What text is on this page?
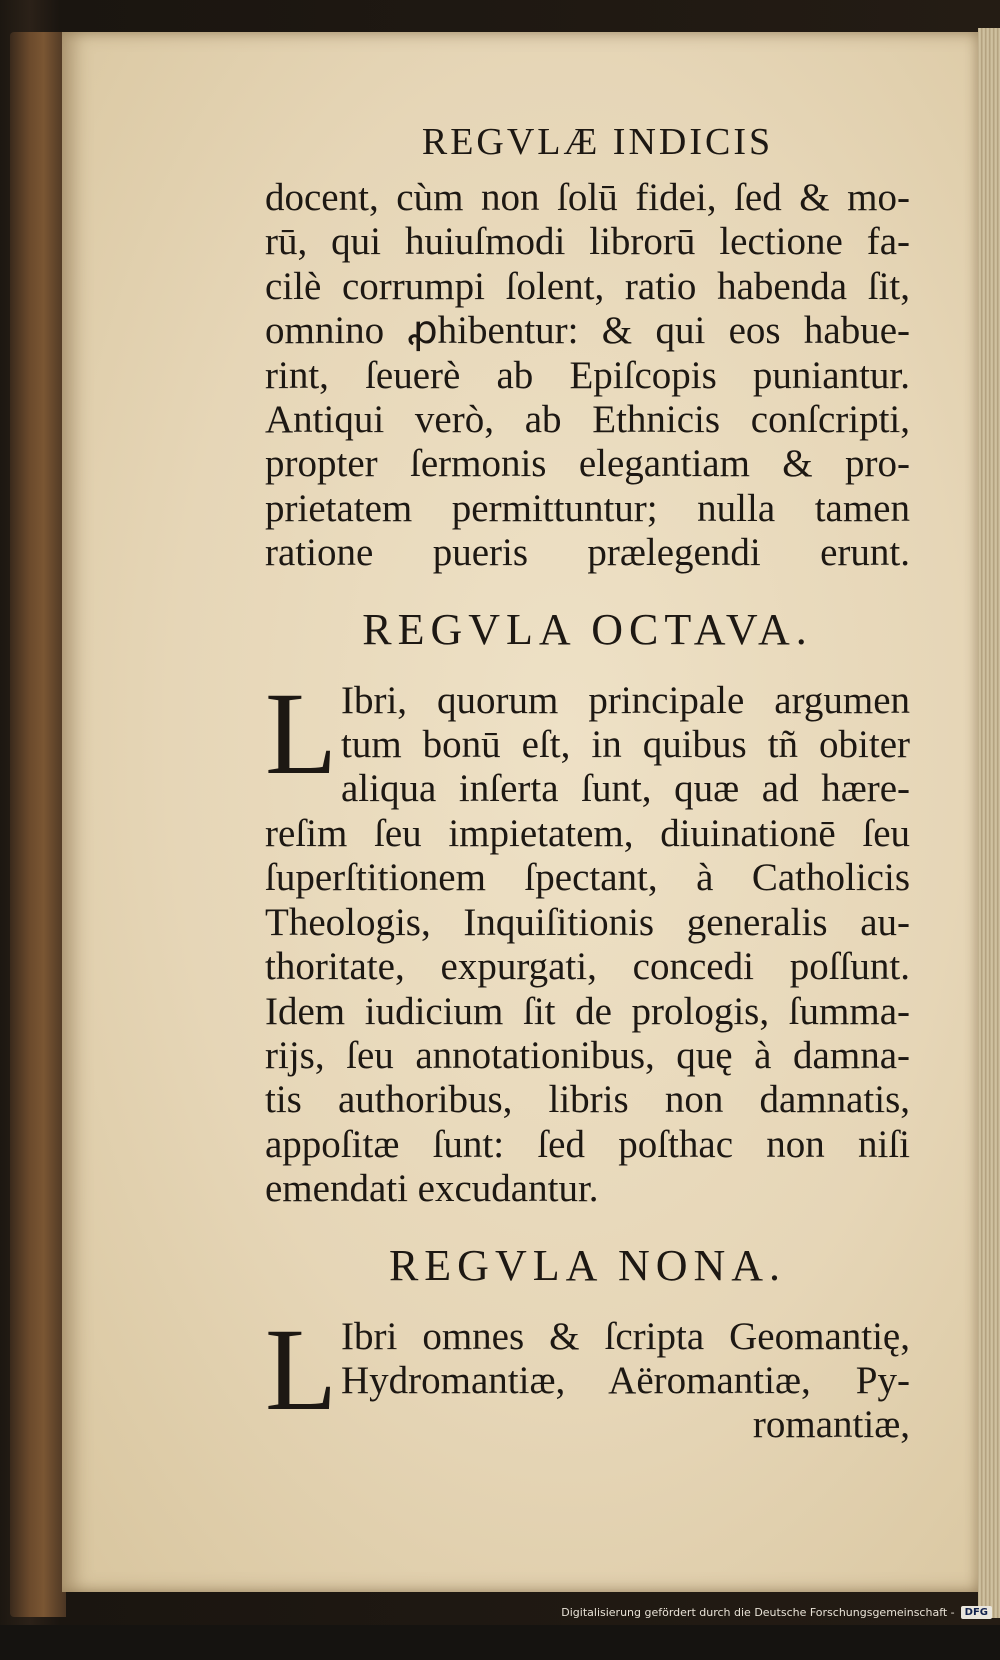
REGVLÆ INDICIS

docent, cùm non ſolū fidei, ſed & mo-

rū, qui huiuſmodi librorū lectione fa-

cilè corrumpi ſolent, ratio habenda ſit,

omnino ꝓhibentur: & qui eos habue-

rint, ſeuerè ab Epiſcopis puniantur.

Antiqui verò, ab Ethnicis conſcripti,

propter ſermonis elegantiam & pro-

prietatem permittuntur; nulla tamen

ratione pueris prælegendi erunt.

REGVLA OCTAVA.
L Ibri, quorum principale argumen

tum bonū eſt, in quibus tñ obiter

aliqua inſerta ſunt, quæ ad hære-

reſim ſeu impietatem, diuinationē ſeu

ſuperſtitionem ſpectant, à Catholicis

Theologis, Inquiſitionis generalis au-

thoritate, expurgati, concedi poſſunt.

Idem iudicium ſit de prologis, ſumma-

rijs, ſeu annotationibus, quę à damna-

tis authoribus, libris non damnatis,

appoſitæ ſunt: ſed poſthac non niſi

emendati excudantur.

REGVLA NONA.
L Ibri omnes & ſcripta Geomantię,

Hydromantiæ, Aëromantiæ, Py-

romantiæ,

Digitalisierung gefördert durch die Deutsche Forschungsgemeinschaft -	DFG
